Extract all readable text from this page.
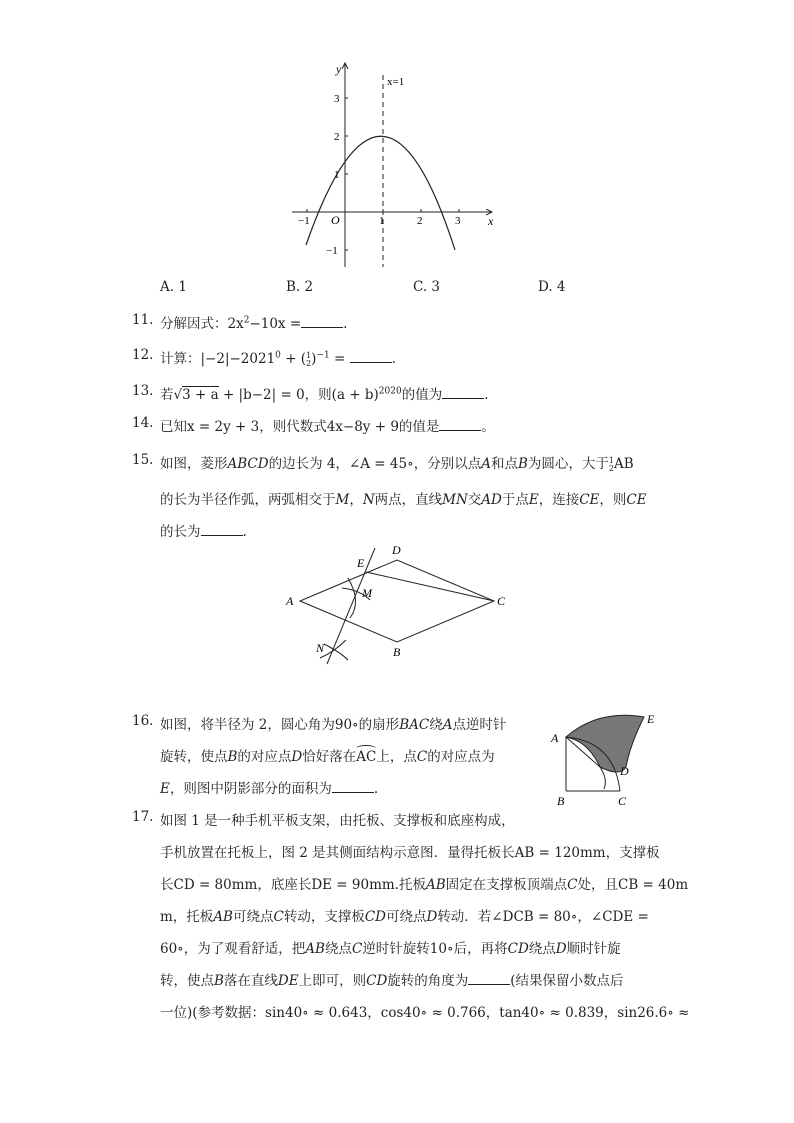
y
x
x=1
O
−1	1	2	3
3
2
1
−1
A. 1	B. 2	C. 3	D. 4
11. 分解因式：$2x^2-10x$ =	.
12. 计算：$|-2|-2021^0 + (1$
2)$^{-1}$ =	.
13. 若√3 + a + |b−2| = 0，则$(a + b)^{2020}$的值为	.
14. 已知x = 2y + 3，则代数式4x−8y + 9的值是	。
15. 如图，菱形ABCD的边长为 4，∠A = 45∘，分别以点A和点B为圆心，大于1
2AB
的长为半径作弧，两弧相交于M，N两点，直线MN交AD于点E，连接CE，则CE
的长为	.
A
B
C
D
E
M
N
16. 如图，将半径为 2，圆心角为90∘的扇形BAC绕A点逆时针
旋转，使点B的对应点D恰好落在AC上，点C的对应点为
E，则图中阴影部分的面积为	.
A
B	C
D
E
17. 如图 1 是一种手机平板支架，由托板、支撑板和底座构成，
手机放置在托板上，图 2 是其侧面结构示意图．量得托板长AB = 120mm，支撑板
长CD = 80mm，底座长DE = 90mm.托板AB固定在支撑板顶端点C处，且CB = 40m
m，托板AB可绕点C转动，支撑板CD可绕点D转动．若∠DCB = 80∘，∠CDE =
60∘，为了观看舒适，把AB绕点C逆时针旋转10∘后，再将CD绕点D顺时针旋
转，使点B落在直线DE上即可，则CD旋转的角度为	(结果保留小数点后
一位)(参考数据：sin40∘ ≈ 0.643，cos40∘ ≈ 0.766，tan40∘ ≈ 0.839，sin26.6∘ ≈
